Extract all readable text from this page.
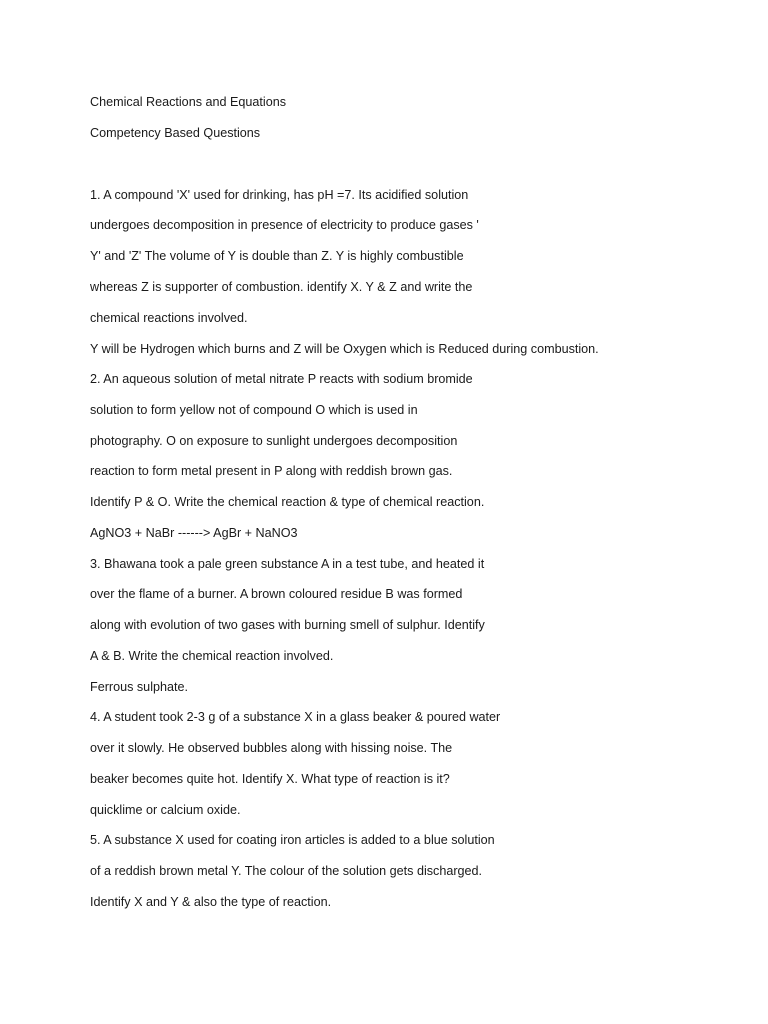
Chemical Reactions and Equations
Competency Based Questions
1. A compound 'X' used for drinking, has pH =7. Its acidified solution
undergoes decomposition in presence of electricity to produce gases '
Y' and 'Z' The volume of Y is double than Z. Y is highly combustible
whereas Z is supporter of combustion. identify X. Y & Z and write the
chemical reactions involved.
Y will be Hydrogen which burns and Z will be Oxygen which is Reduced during combustion.
2. An aqueous solution of metal nitrate P reacts with sodium bromide
solution to form yellow not of compound O which is used in
photography. O on exposure to sunlight undergoes decomposition
reaction to form metal present in P along with reddish brown gas.
Identify P & O. Write the chemical reaction & type of chemical reaction.
AgNO3 + NaBr ------> AgBr + NaNO3
3. Bhawana took a pale green substance A in a test tube, and heated it
over the flame of a burner. A brown coloured residue B was formed
along with evolution of two gases with burning smell of sulphur. Identify
A & B. Write the chemical reaction involved.
Ferrous sulphate.
4. A student took 2-3 g of a substance X in a glass beaker & poured water
over it slowly. He observed bubbles along with hissing noise. The
beaker becomes quite hot. Identify X. What type of reaction is it?
quicklime or calcium oxide.
5. A substance X used for coating iron articles is added to a blue solution
of a reddish brown metal Y. The colour of the solution gets discharged.
Identify X and Y & also the type of reaction.
